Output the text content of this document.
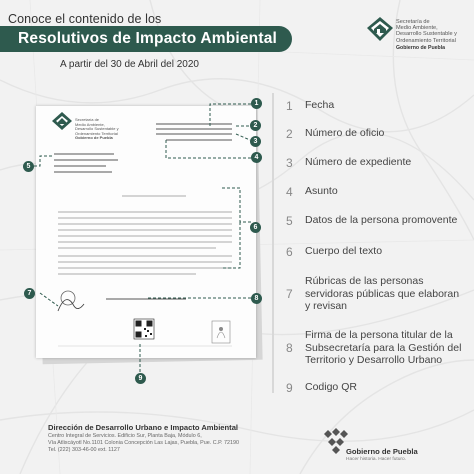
Conoce el contenido de los
Resolutivos de Impacto Ambiental
A partir del 30 de Abril del 2020
Secretaría de
Medio Ambiente,
Desarrollo Sustentable y
Ordenamiento Territorial
Gobierno de Puebla
1	Fecha
2	Número de oficio
3	Número de expediente
4	Asunto
5	Datos de la persona promovente
6	Cuerpo del texto
7
Rúbricas de las personas servidoras públicas que elaboran y revisan
8
Firma de la persona titular de la Subsecretaría para la Gestión del Territorio y Desarrollo Urbano
9	Codigo QR
1
2
3
4
5
6
7
8
9
Secretaría de
Medio Ambiente,
Desarrollo Sustentable y
Ordenamiento Territorial
Gobierno de Puebla
Dirección de Desarrollo Urbano e Impacto Ambiental
Centro Integral de Servicios. Edificio Sur, Planta Baja, Módulo 6,
Vía Atlixcáyotl No.1101 Colonia Concepción Las Lajas, Puebla, Pue. C.P. 72190
Tel. (222) 303-46-00 ext. 1127	Gobierno de Puebla
Hacer historia. Hacer futuro.
